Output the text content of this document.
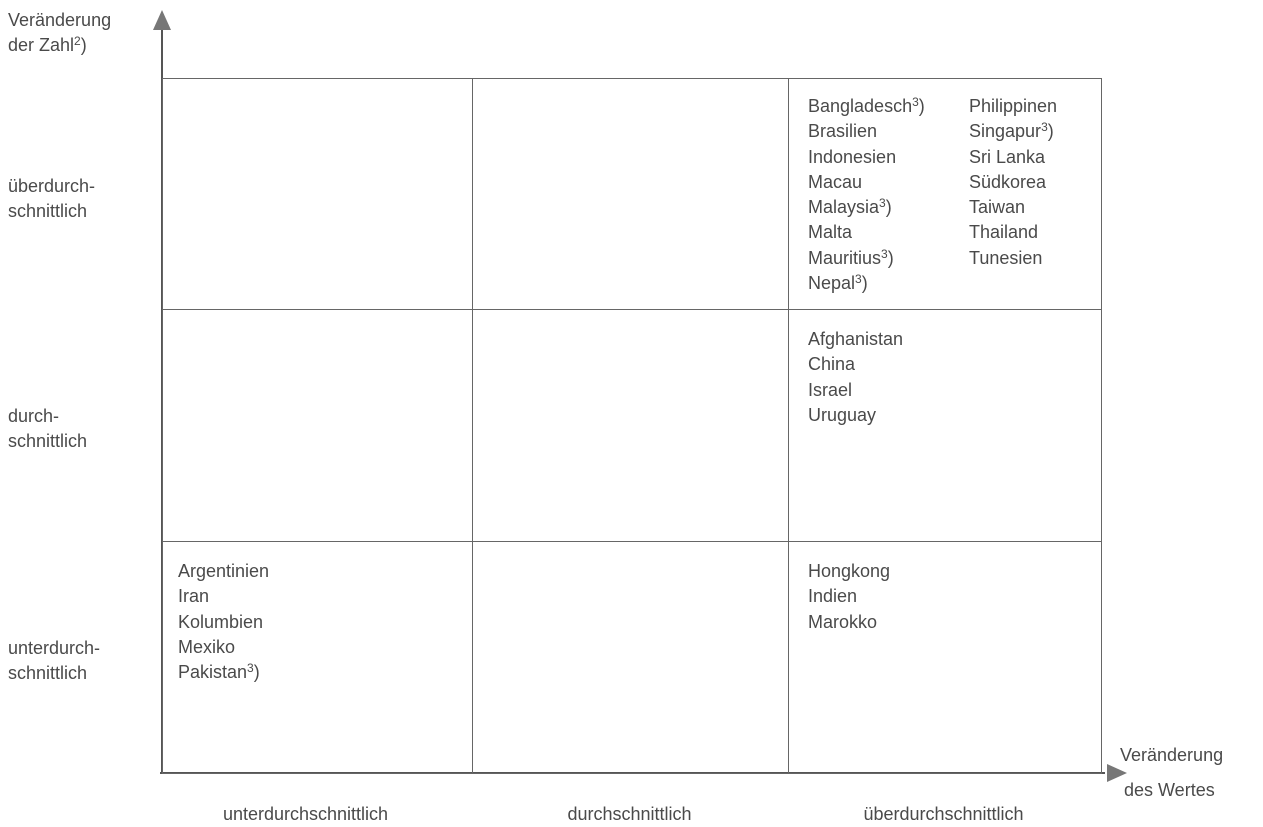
Veränderung
der Zahl$^2$)
überdurch-
schnittlich
durch-
schnittlich
unterdurch-
schnittlich
unterdurchschnittlich	durchschnittlich	überdurchschnittlich
Veränderung
des Wertes
Bangladesch$^3$)
Brasilien
Indonesien
Macau
Malaysia$^3$)
Malta
Mauritius$^3$)
Nepal$^3$)
Philippinen
Singapur$^3$)
Sri Lanka
Südkorea
Taiwan
Thailand
Tunesien
Afghanistan
China
Israel
Uruguay
Argentinien
Iran
Kolumbien
Mexiko
Pakistan$^3$)
Hongkong
Indien
Marokko
